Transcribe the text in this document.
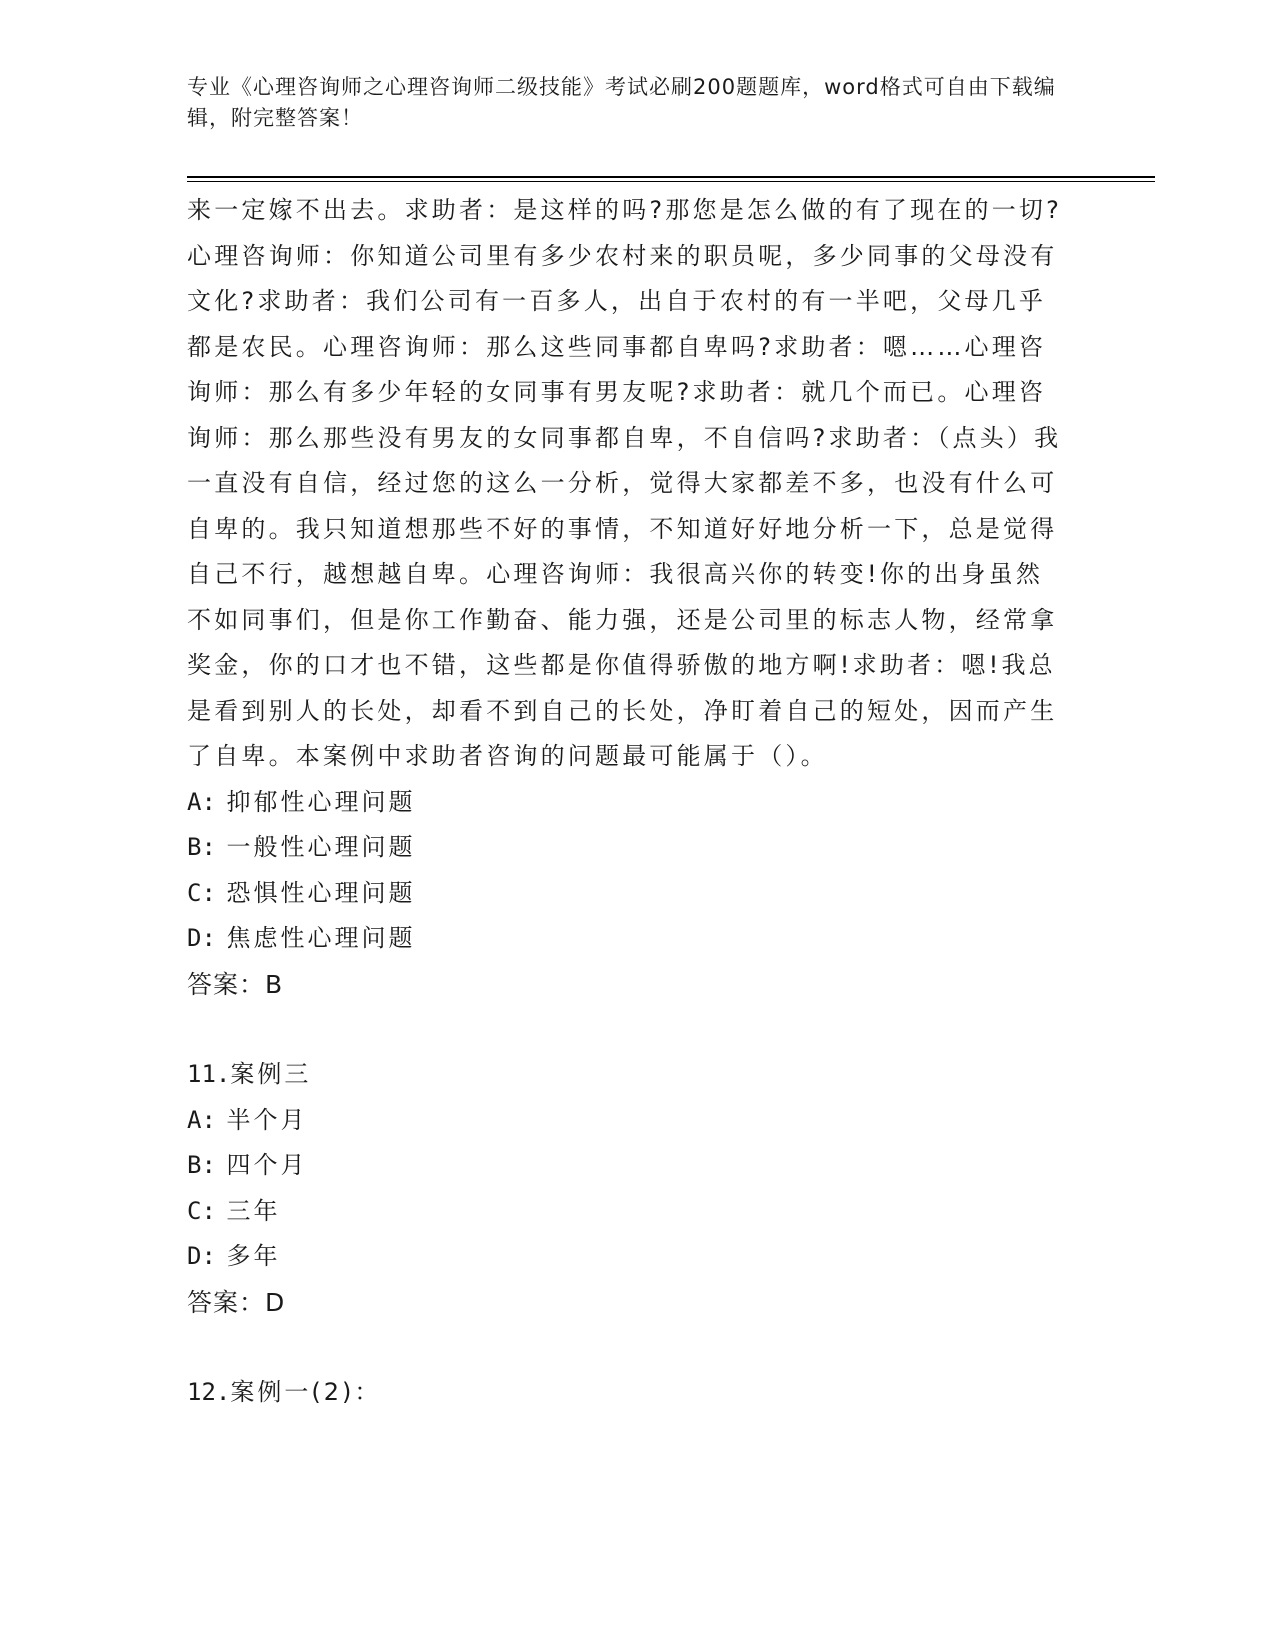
专业《心理咨询师之心理咨询师二级技能》考试必刷200题题库，word格式可自由下载编辑，附完整答案！
来一定嫁不出去。求助者：是这样的吗?那您是怎么做的有了现在的一切?心理咨询师：你知道公司里有多少农村来的职员呢，多少同事的父母没有文化?求助者：我们公司有一百多人，出自于农村的有一半吧，父母几乎都是农民。心理咨询师：那么这些同事都自卑吗?求助者：嗯……心理咨询师：那么有多少年轻的女同事有男友呢?求助者：就几个而已。心理咨询师：那么那些没有男友的女同事都自卑，不自信吗?求助者：（点头）我一直没有自信，经过您的这么一分析，觉得大家都差不多，也没有什么可自卑的。我只知道想那些不好的事情，不知道好好地分析一下，总是觉得自己不行，越想越自卑。心理咨询师：我很高兴你的转变!你的出身虽然不如同事们，但是你工作勤奋、能力强，还是公司里的标志人物，经常拿奖金，你的口才也不错，这些都是你值得骄傲的地方啊!求助者：嗯!我总是看到别人的长处，却看不到自己的长处，净盯着自己的短处，因而产生了自卑。本案例中求助者咨询的问题最可能属于（）。
A: 抑郁性心理问题
B: 一般性心理问题
C: 恐惧性心理问题
D: 焦虑性心理问题
答案：B
11.案例三
A: 半个月
B: 四个月
C: 三年
D: 多年
答案：D
12.案例一(2)：
